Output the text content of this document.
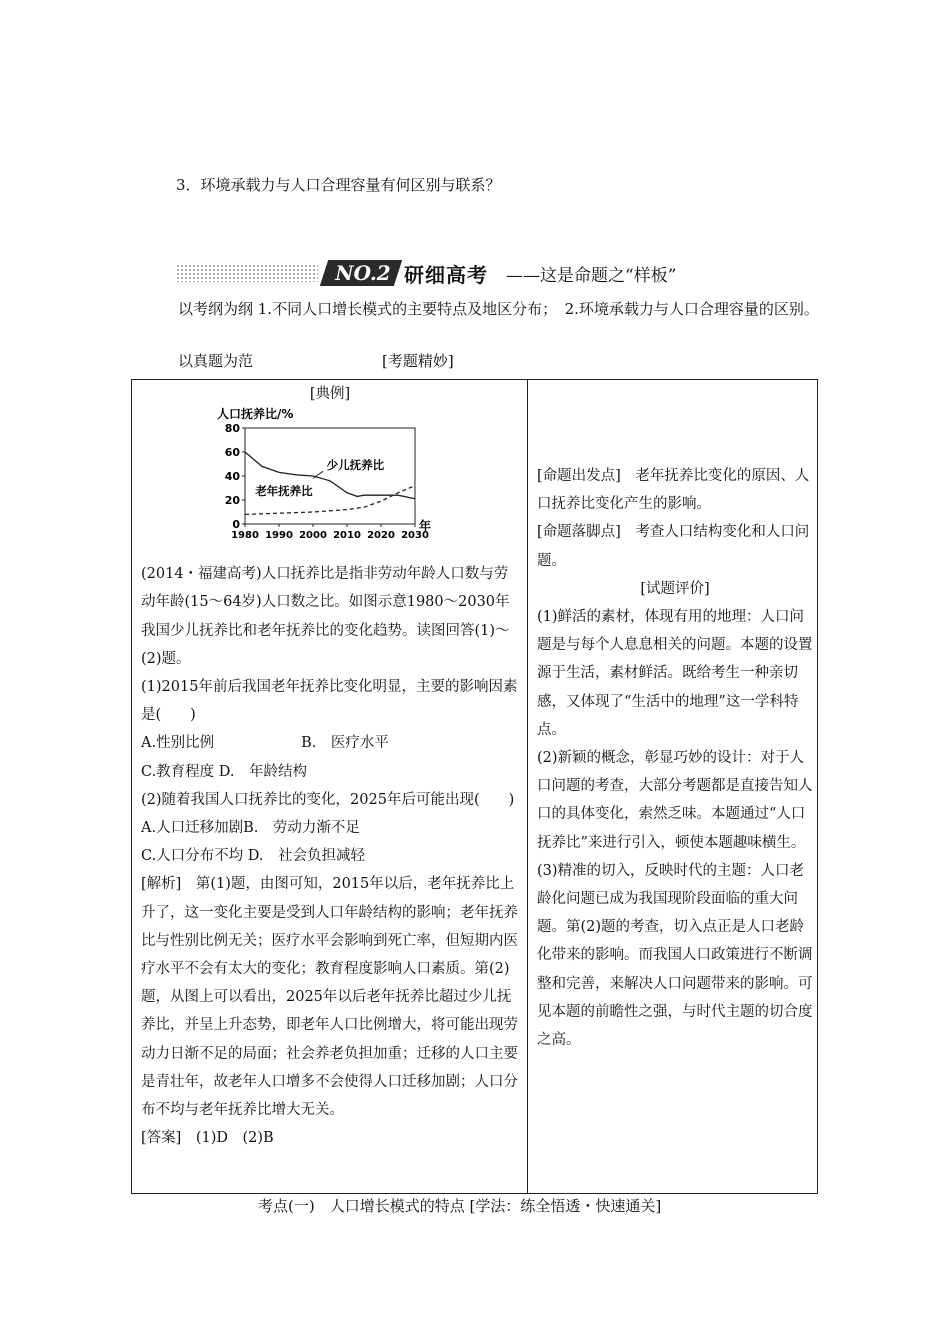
3．环境承载力与人口合理容量有何区别与联系？
NO.2 研细高考 ——这是命题之“样板”
以考纲为纲 1.不同人口增长模式的主要特点及地区分布；　2.环境承载力与人口合理容量的区别。
以真题为范	[考题精妙]

[典例]

(2014・福建高考)人口抚养比是指非劳动年龄人口数与劳动年龄(15～64岁)人口数之比。如图示意1980～2030年我国少儿抚养比和老年抚养比的变化趋势。读图回答(1)～(2)题。

(1)2015年前后我国老年抚养比变化明显，主要的影响因素是(　　)

A.性别比例　　　　　　B.　医疗水平

C.教育程度 D.　年龄结构

(2)随着我国人口抚养比的变化，2025年后可能出现(　　)

A.人口迁移加剧B.　劳动力渐不足

C.人口分布不均 D.　社会负担减轻

[解析]　第(1)题，由图可知，2015年以后，老年抚养比上升了，这一变化主要是受到人口年龄结构的影响；老年抚养比与性别比例无关；医疗水平会影响到死亡率，但短期内医疗水平不会有太大的变化；教育程度影响人口素质。第(2)题，从图上可以看出，2025年以后老年抚养比超过少儿抚养比，并呈上升态势，即老年人口比例增大，将可能出现劳动力日渐不足的局面；社会养老负担加重；迁移的人口主要是青壮年，故老年人口增多不会使得人口迁移加剧；人口分布不均与老年抚养比增大无关。

[答案]　(1)D　(2)B

人口抚养比/%
0
20
40
60
80
1980 1990 2000 2010 2020 2030
年
少儿抚养比
老年抚养比

[命题出发点]　老年抚养比变化的原因、人口抚养比变化产生的影响。

[命题落脚点]　考查人口结构变化和人口问题。

[试题评价]

(1)鲜活的素材，体现有用的地理：人口问题是与每个人息息相关的问题。本题的设置源于生活，素材鲜活。既给考生一种亲切感，又体现了“生活中的地理”这一学科特点。

(2)新颖的概念，彰显巧妙的设计：对于人口问题的考查，大部分考题都是直接告知人口的具体变化，索然乏味。本题通过“人口抚养比”来进行引入，顿使本题趣味横生。

(3)精准的切入，反映时代的主题：人口老龄化问题已成为我国现阶段面临的重大问题。第(2)题的考查，切入点正是人口老龄化带来的影响。而我国人口政策进行不断调整和完善，来解决人口问题带来的影响。可见本题的前瞻性之强，与时代主题的切合度之高。

考点(一)　人口增长模式的特点 [学法：练全悟透・快速通关]
